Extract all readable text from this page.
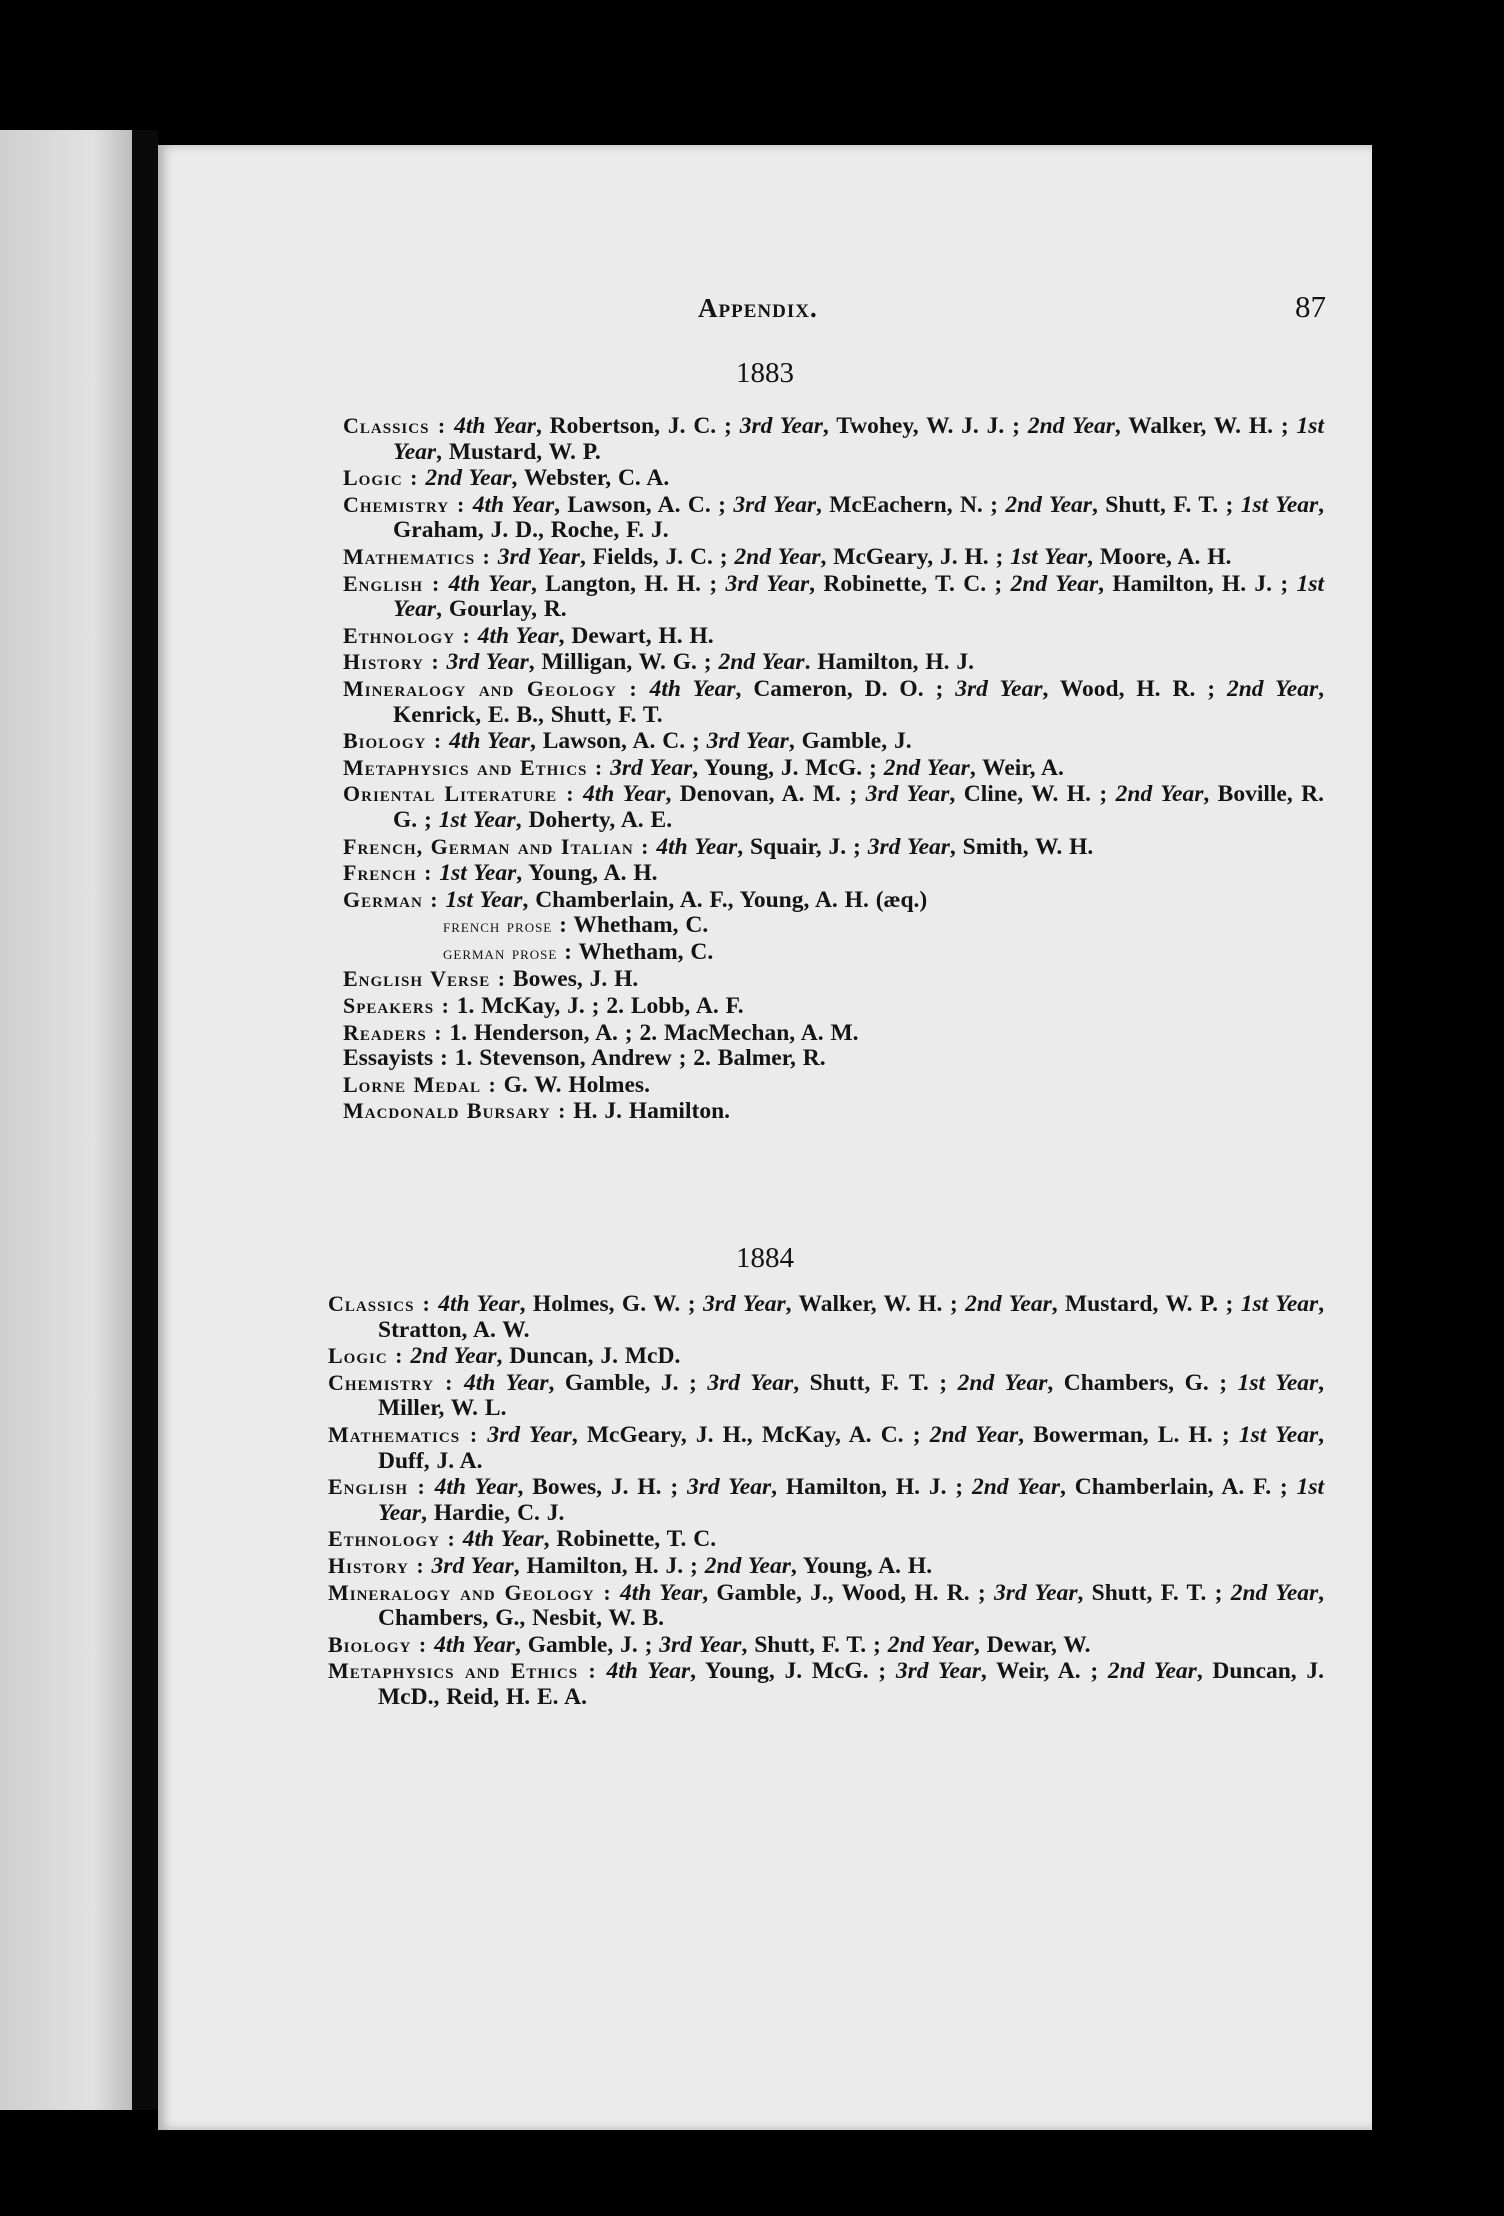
Appendix.	87
1883
Classics : 4th Year, Robertson, J. C. ; 3rd Year, Twohey, W. J. J. ; 2nd Year, Walker, W. H. ; 1st Year, Mustard, W. P.
Logic : 2nd Year, Webster, C. A.
Chemistry : 4th Year, Lawson, A. C. ; 3rd Year, McEachern, N. ; 2nd Year, Shutt, F. T. ; 1st Year, Graham, J. D., Roche, F. J.
Mathematics : 3rd Year, Fields, J. C. ; 2nd Year, McGeary, J. H. ; 1st Year, Moore, A. H.
English : 4th Year, Langton, H. H. ; 3rd Year, Robinette, T. C. ; 2nd Year, Hamilton, H. J. ; 1st Year, Gourlay, R.
Ethnology : 4th Year, Dewart, H. H.
History : 3rd Year, Milligan, W. G. ; 2nd Year. Hamilton, H. J.
Mineralogy and Geology : 4th Year, Cameron, D. O. ; 3rd Year, Wood, H. R. ; 2nd Year, Kenrick, E. B., Shutt, F. T.
Biology : 4th Year, Lawson, A. C. ; 3rd Year, Gamble, J.
Metaphysics and Ethics : 3rd Year, Young, J. McG. ; 2nd Year, Weir, A.
Oriental Literature : 4th Year, Denovan, A. M. ; 3rd Year, Cline, W. H. ; 2nd Year, Boville, R. G. ; 1st Year, Doherty, A. E.
French, German and Italian : 4th Year, Squair, J. ; 3rd Year, Smith, W. H.
French : 1st Year, Young, A. H.
German : 1st Year, Chamberlain, A. F., Young, A. H. (æq.)
french prose : Whetham, C.
german prose : Whetham, C.
English Verse : Bowes, J. H.
Speakers : 1. McKay, J. ; 2. Lobb, A. F.
Readers : 1. Henderson, A. ; 2. MacMechan, A. M.
Essayists : 1. Stevenson, Andrew ; 2. Balmer, R.
Lorne Medal : G. W. Holmes.
Macdonald Bursary : H. J. Hamilton.
1884
Classics : 4th Year, Holmes, G. W. ; 3rd Year, Walker, W. H. ; 2nd Year, Mustard, W. P. ; 1st Year, Stratton, A. W.
Logic : 2nd Year, Duncan, J. McD.
Chemistry : 4th Year, Gamble, J. ; 3rd Year, Shutt, F. T. ; 2nd Year, Chambers, G. ; 1st Year, Miller, W. L.
Mathematics : 3rd Year, McGeary, J. H., McKay, A. C. ; 2nd Year, Bowerman, L. H. ; 1st Year, Duff, J. A.
English : 4th Year, Bowes, J. H. ; 3rd Year, Hamilton, H. J. ; 2nd Year, Chamberlain, A. F. ; 1st Year, Hardie, C. J.
Ethnology : 4th Year, Robinette, T. C.
History : 3rd Year, Hamilton, H. J. ; 2nd Year, Young, A. H.
Mineralogy and Geology : 4th Year, Gamble, J., Wood, H. R. ; 3rd Year, Shutt, F. T. ; 2nd Year, Chambers, G., Nesbit, W. B.
Biology : 4th Year, Gamble, J. ; 3rd Year, Shutt, F. T. ; 2nd Year, Dewar, W.
Metaphysics and Ethics : 4th Year, Young, J. McG. ; 3rd Year, Weir, A. ; 2nd Year, Duncan, J. McD., Reid, H. E. A.
